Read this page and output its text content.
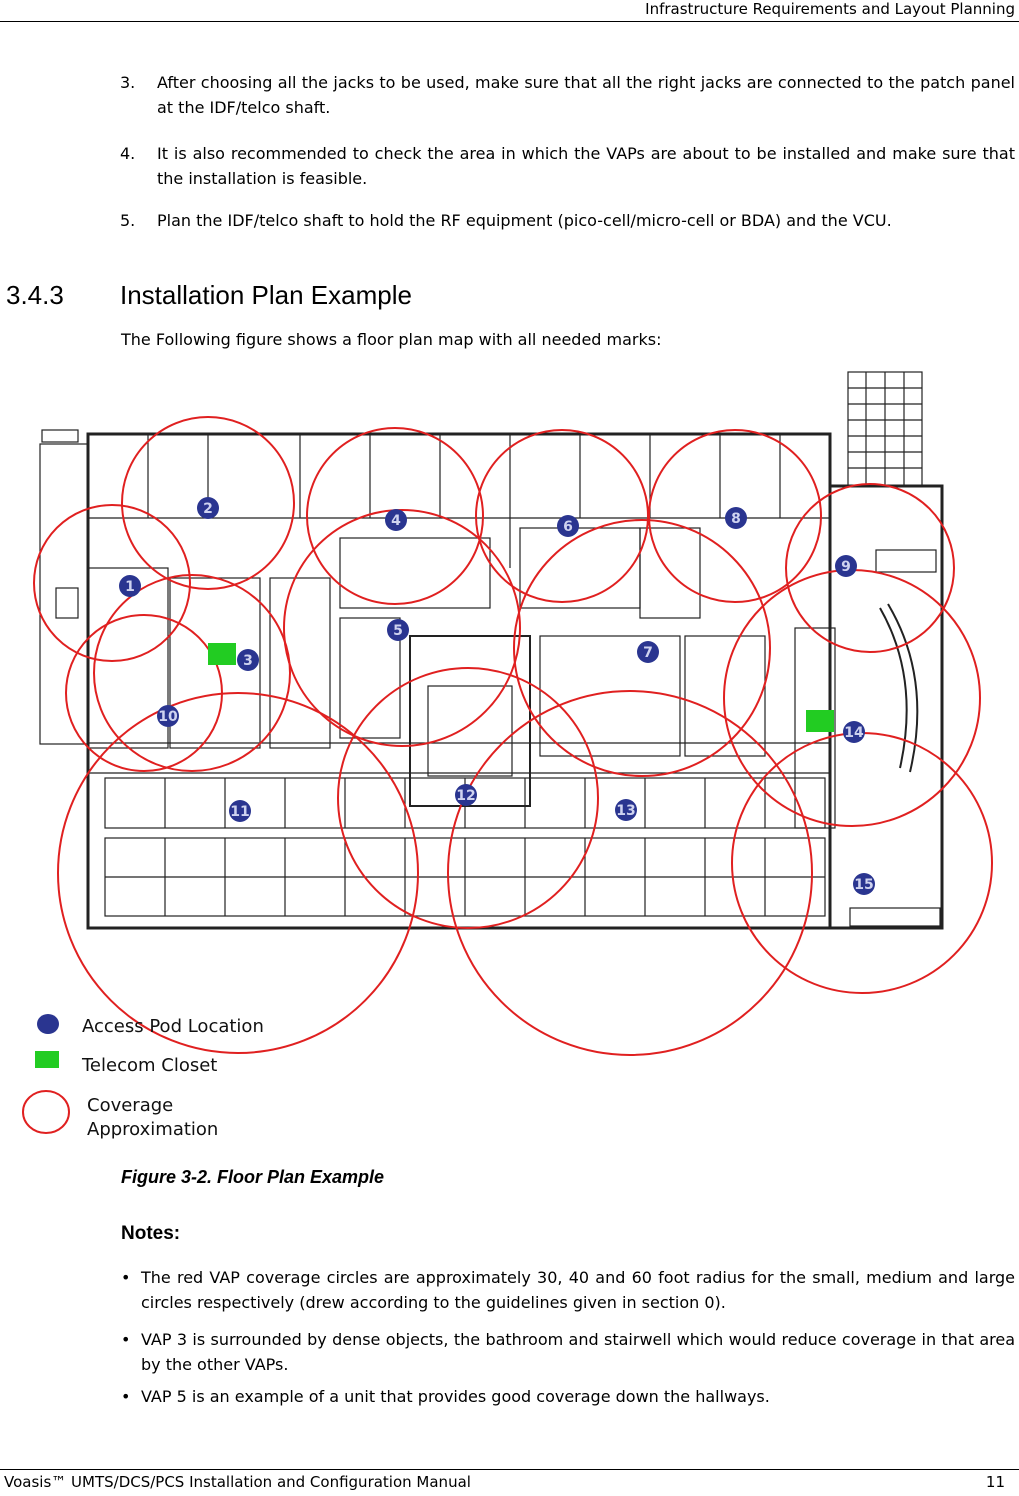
Infrastructure Requirements and Layout Planning
3. After choosing all the jacks to be used, make sure that all the right jacks are connected to the patch panel at the IDF/telco shaft.
4. It is also recommended to check the area in which the VAPs are about to be installed and make sure that the installation is feasible.
5. Plan the IDF/telco shaft to hold the RF equipment (pico-cell/micro-cell or BDA) and the VCU.
3.4.3 Installation Plan Example
The Following figure shows a floor plan map with all needed marks:
1
2
3
4
5
6
7
8
9
10
11
12
13
14
15
Access Pod Location
Telecom Closet
Coverage
Approximation
Figure 3-2. Floor Plan Example
Notes:
• The red VAP coverage circles are approximately 30, 40 and 60 foot radius for the small, medium and large circles respectively (drew according to the guidelines given in section 0).
• VAP 3 is surrounded by dense objects, the bathroom and stairwell which would reduce coverage in that area by the other VAPs.
• VAP 5 is an example of a unit that provides good coverage down the hallways.
Voasis™ UMTS/DCS/PCS Installation and Configuration Manual	11
